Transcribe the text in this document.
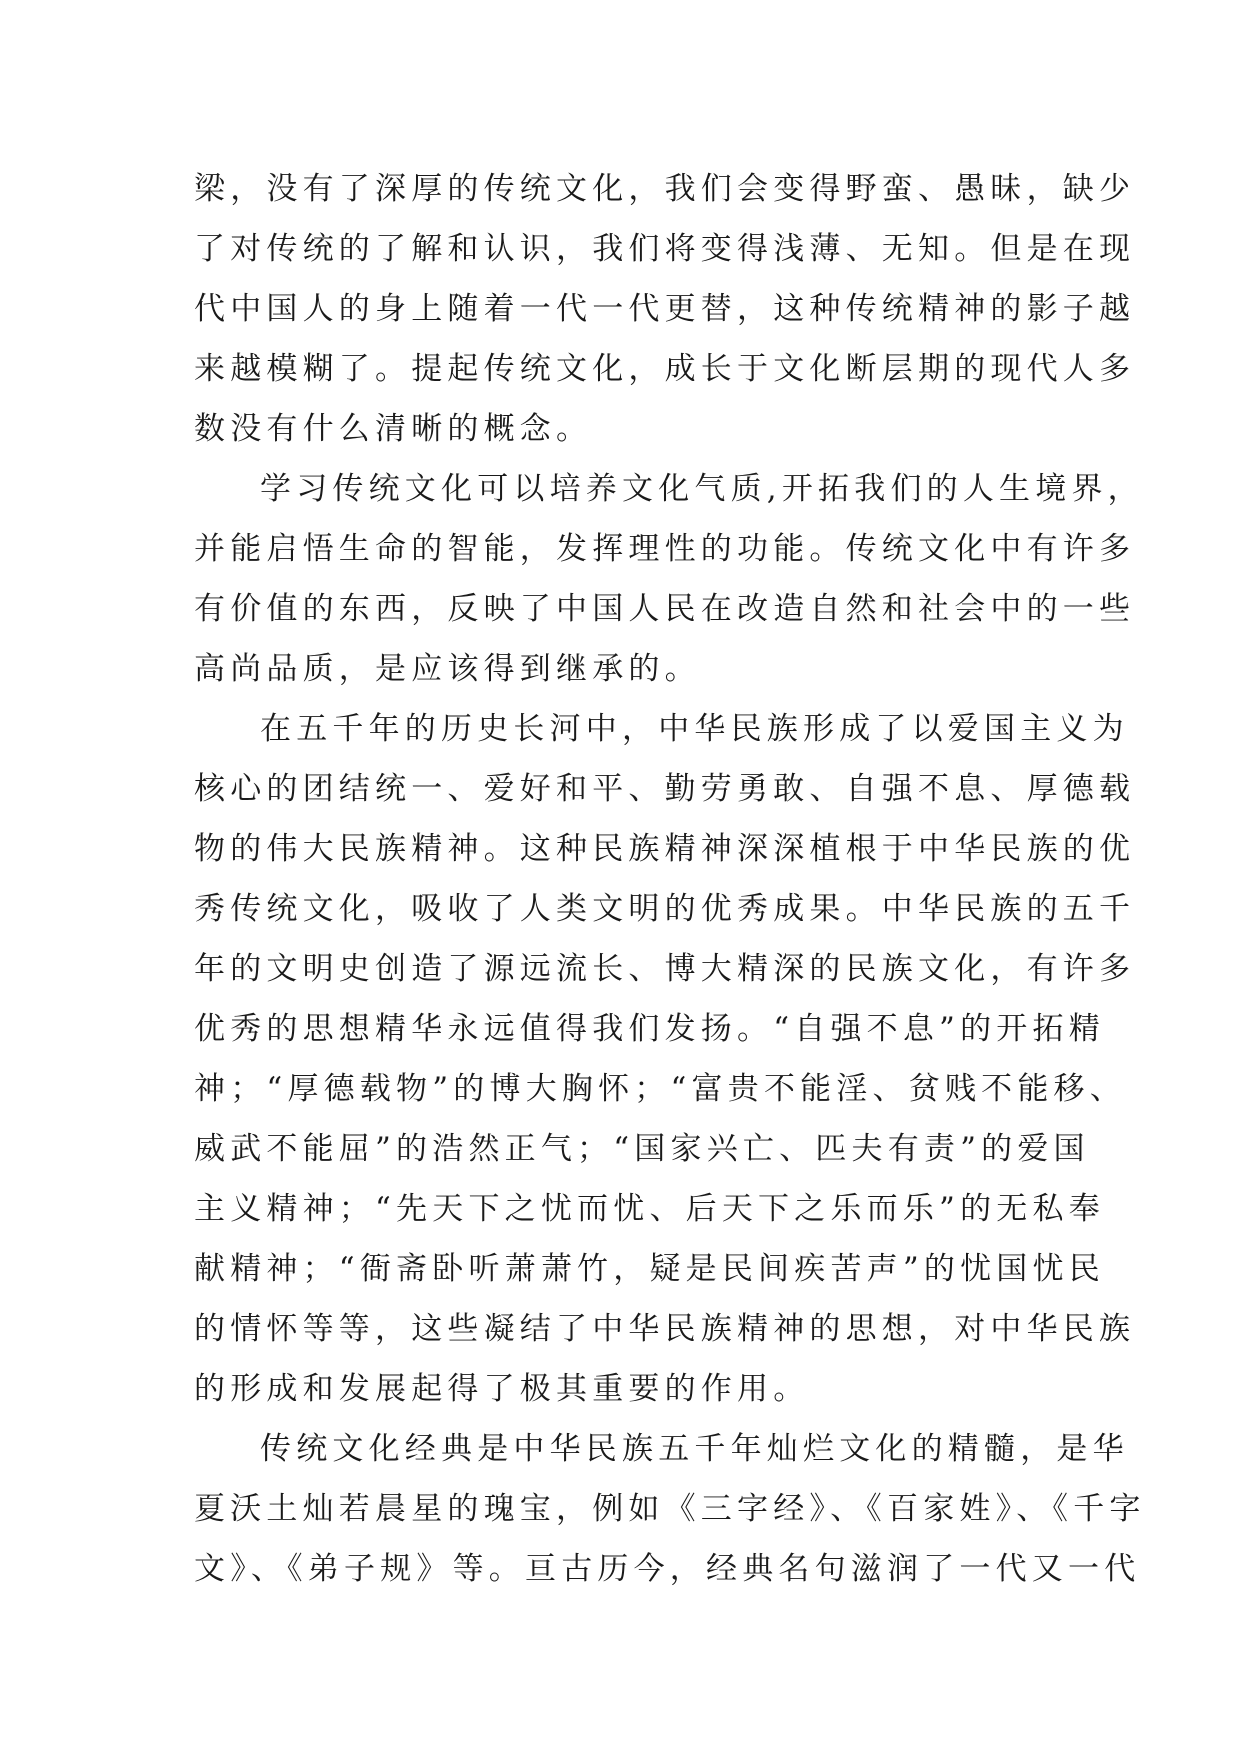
梁，没有了深厚的传统文化，我们会变得野蛮、愚昧，缺少
了对传统的了解和认识，我们将变得浅薄、无知。但是在现
代中国人的身上随着一代一代更替，这种传统精神的影子越
来越模糊了。提起传统文化，成长于文化断层期的现代人多
数没有什么清晰的概念。
学习传统文化可以培养文化气质,开拓我们的人生境界，
并能启悟生命的智能，发挥理性的功能。传统文化中有许多
有价值的东西，反映了中国人民在改造自然和社会中的一些
高尚品质，是应该得到继承的。
在五千年的历史长河中，中华民族形成了以爱国主义为
核心的团结统一、爱好和平、勤劳勇敢、自强不息、厚德载
物的伟大民族精神。这种民族精神深深植根于中华民族的优
秀传统文化，吸收了人类文明的优秀成果。中华民族的五千
年的文明史创造了源远流长、博大精深的民族文化，有许多
优秀的思想精华永远值得我们发扬。“自强不息”的开拓精
神；“厚德载物”的博大胸怀；“富贵不能淫、贫贱不能移、
威武不能屈”的浩然正气；“国家兴亡、匹夫有责”的爱国
主义精神；“先天下之忧而忧、后天下之乐而乐”的无私奉
献精神；“衙斋卧听萧萧竹，疑是民间疾苦声”的忧国忧民
的情怀等等，这些凝结了中华民族精神的思想，对中华民族
的形成和发展起得了极其重要的作用。
传统文化经典是中华民族五千年灿烂文化的精髓，是华
夏沃土灿若晨星的瑰宝，例如《三字经》、《百家姓》、《千字
文》、《弟子规》等。亘古历今，经典名句滋润了一代又一代
